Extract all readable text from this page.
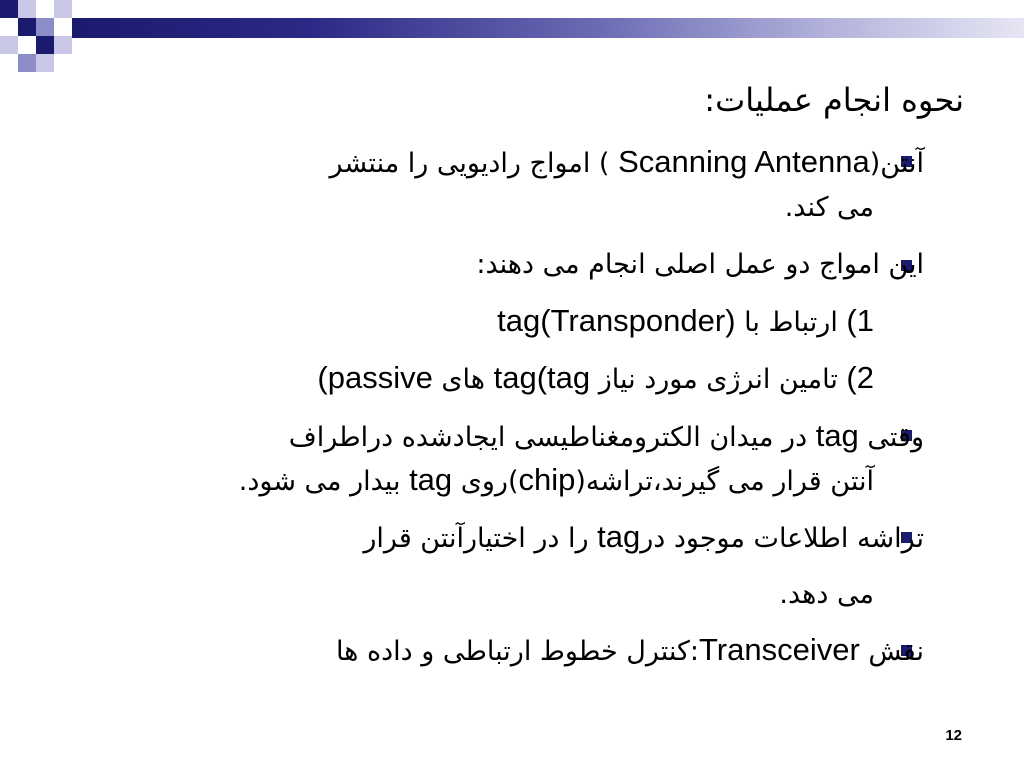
نحوه انجام عملیات:
آنتن(Scanning Antenna ) امواج رادیویی را منتشر
می کند.
این امواج دو عمل اصلی انجام می دهند:
1) ارتباط با tag(Transponder)
2) تامین انرژی مورد نیاز tag(tag های passive)
وقتی tag در میدان الکترومغناطیسی ایجادشده دراطراف
آنتن قرار می گیرند،تراشه(chip)روی tag بیدار می شود.
تراشه اطلاعات موجود درtag را در اختیارآنتن قرار
می دهد.
نقش Transceiver:کنترل خطوط ارتباطی و داده ها
12
